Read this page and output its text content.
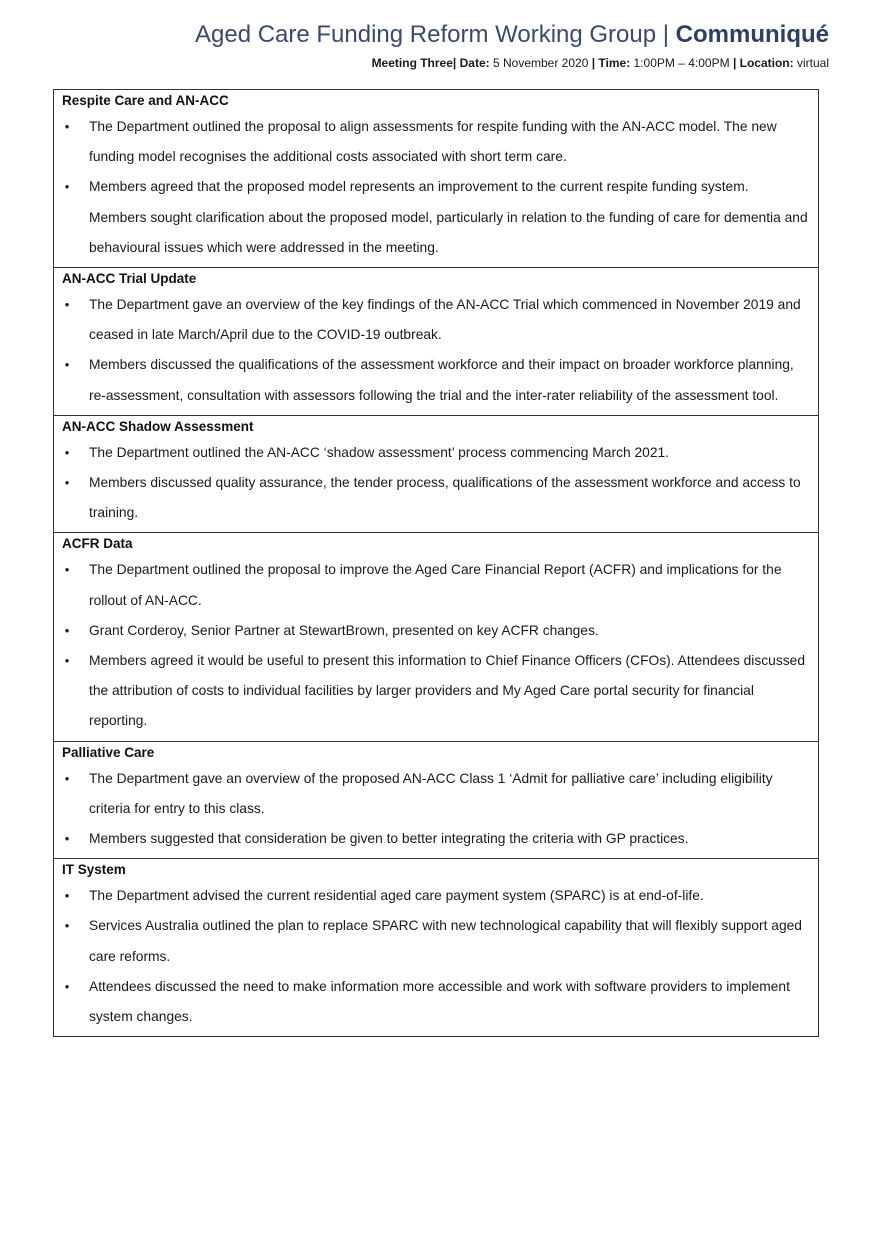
Aged Care Funding Reform Working Group | Communiqué
Meeting Three| Date: 5 November 2020 | Time: 1:00PM – 4:00PM | Location: virtual
Respite Care and AN-ACC
• The Department outlined the proposal to align assessments for respite funding with the AN-ACC model. The new funding model recognises the additional costs associated with short term care.
• Members agreed that the proposed model represents an improvement to the current respite funding system. Members sought clarification about the proposed model, particularly in relation to the funding of care for dementia and behavioural issues which were addressed in the meeting.
AN-ACC Trial Update
• The Department gave an overview of the key findings of the AN-ACC Trial which commenced in November 2019 and ceased in late March/April due to the COVID-19 outbreak.
• Members discussed the qualifications of the assessment workforce and their impact on broader workforce planning, re-assessment, consultation with assessors following the trial and the inter-rater reliability of the assessment tool.
AN-ACC Shadow Assessment
• The Department outlined the AN-ACC ‘shadow assessment’ process commencing March 2021.
• Members discussed quality assurance, the tender process, qualifications of the assessment workforce and access to training.
ACFR Data
• The Department outlined the proposal to improve the Aged Care Financial Report (ACFR) and implications for the rollout of AN-ACC.
• Grant Corderoy, Senior Partner at StewartBrown, presented on key ACFR changes.
• Members agreed it would be useful to present this information to Chief Finance Officers (CFOs). Attendees discussed the attribution of costs to individual facilities by larger providers and My Aged Care portal security for financial reporting.
Palliative Care
• The Department gave an overview of the proposed AN-ACC Class 1 ‘Admit for palliative care’ including eligibility criteria for entry to this class.
• Members suggested that consideration be given to better integrating the criteria with GP practices.
IT System
• The Department advised the current residential aged care payment system (SPARC) is at end-of-life.
• Services Australia outlined the plan to replace SPARC with new technological capability that will flexibly support aged care reforms.
• Attendees discussed the need to make information more accessible and work with software providers to implement system changes.
